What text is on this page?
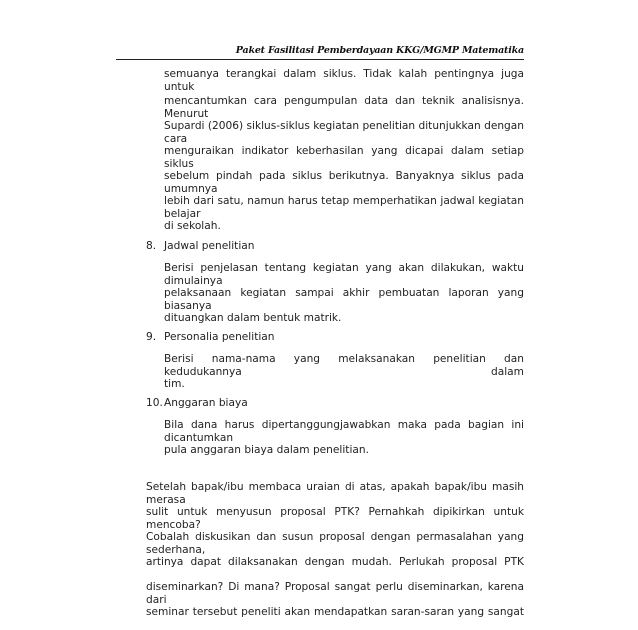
Paket Fasilitasi Pemberdayaan KKG/MGMP Matematika
semuanya terangkai dalam siklus. Tidak kalah pentingnya juga untuk
mencantumkan cara pengumpulan data dan teknik analisisnya. Menurut
Supardi (2006) siklus-siklus kegiatan penelitian ditunjukkan dengan cara
menguraikan indikator keberhasilan yang dicapai dalam setiap siklus
sebelum pindah pada siklus berikutnya. Banyaknya siklus pada umumnya
lebih dari satu, namun harus tetap memperhatikan jadwal kegiatan belajar
di sekolah.
8. Jadwal penelitian
Berisi penjelasan tentang kegiatan yang akan dilakukan, waktu dimulainya
pelaksanaan kegiatan sampai akhir pembuatan laporan yang biasanya
dituangkan dalam bentuk matrik.
9. Personalia penelitian
Berisi nama-nama yang melaksanakan penelitian dan kedudukannya dalam
tim.
10. Anggaran biaya
Bila dana harus dipertanggungjawabkan maka pada bagian ini dicantumkan
pula anggaran biaya dalam penelitian.
Setelah bapak/ibu membaca uraian di atas, apakah bapak/ibu masih merasa
sulit untuk menyusun proposal PTK? Pernahkah dipikirkan untuk mencoba?
Cobalah diskusikan dan susun proposal dengan permasalahan yang sederhana,
artinya dapat dilaksanakan dengan mudah. Perlukah proposal PTK
diseminarkan? Di mana? Proposal sangat perlu diseminarkan, karena dari
seminar tersebut peneliti akan mendapatkan saran-saran yang sangat
